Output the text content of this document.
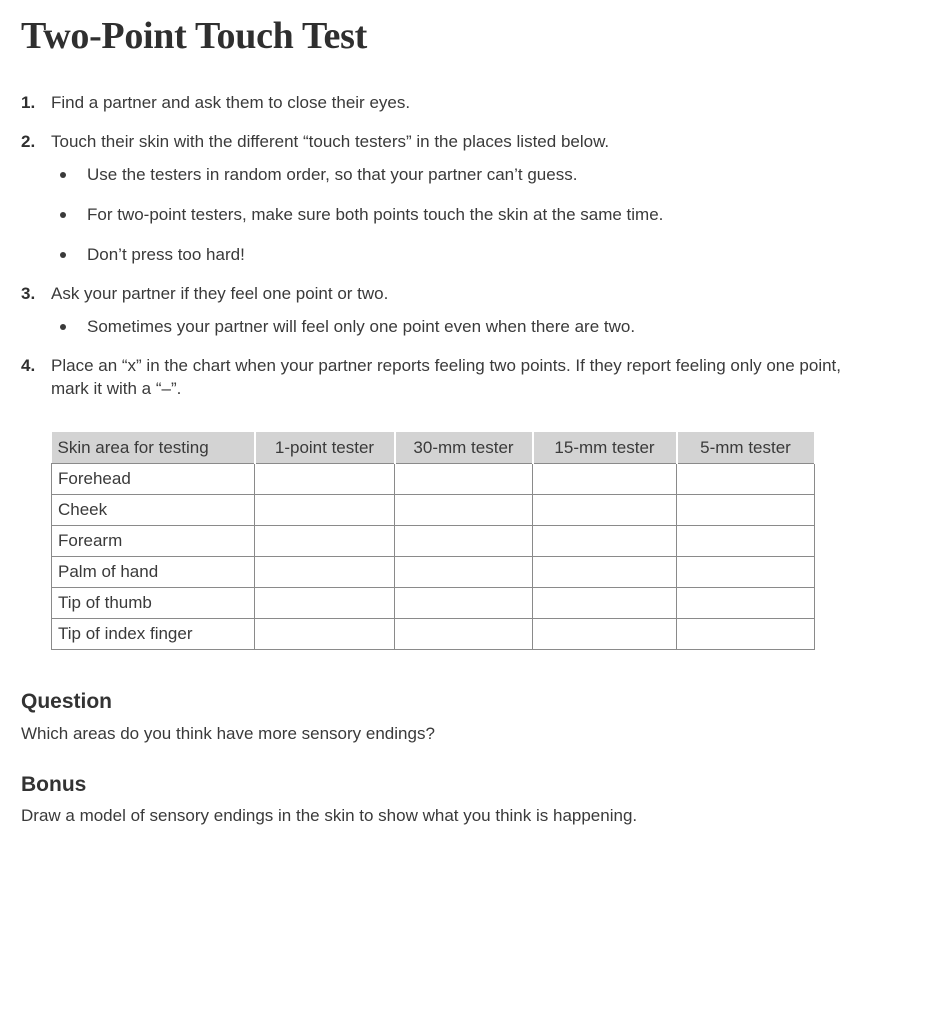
Two-Point Touch Test
1. Find a partner and ask them to close their eyes.
2. Touch their skin with the different “touch testers” in the places listed below.
Use the testers in random order, so that your partner can’t guess.
For two-point testers, make sure both points touch the skin at the same time.
Don’t press too hard!
3. Ask your partner if they feel one point or two.
Sometimes your partner will feel only one point even when there are two.
4. Place an “x” in the chart when your partner reports feeling two points. If they report feeling only one point, mark it with a “–”.
Skin area for testing	1-point tester	30-mm tester	15-mm tester	5-mm tester
Forehead				
Cheek				
Forearm				
Palm of hand				
Tip of thumb				
Tip of index finger				
Question

Which areas do you think have more sensory endings?

Bonus

Draw a model of sensory endings in the skin to show what you think is happening.
